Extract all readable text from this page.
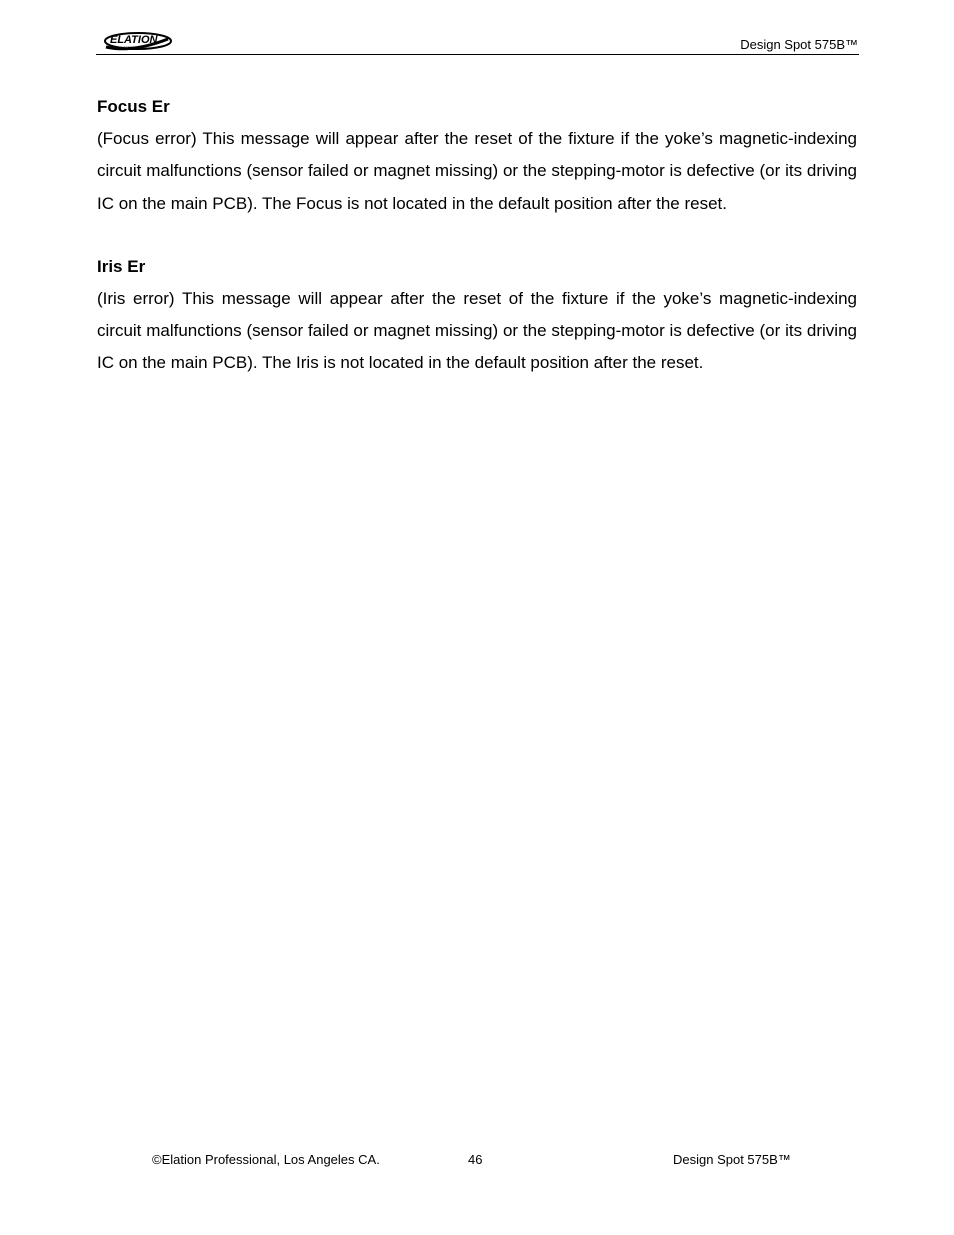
ELATION
PROFESSIONAL	Design Spot 575B™
Focus Er

(Focus error) This message will appear after the reset of the fixture if the yoke’s magnetic-indexing circuit malfunctions (sensor failed or magnet missing) or the stepping-motor is defective (or its driving IC on the main PCB). The Focus is not located in the default position after the reset.

Iris Er

(Iris error) This message will appear after the reset of the fixture if the yoke’s magnetic-indexing circuit malfunctions (sensor failed or magnet missing) or the stepping-motor is defective (or its driving IC on the main PCB). The Iris is not located in the default position after the reset.

©Elation Professional, Los Angeles CA.	46	Design Spot 575B™
